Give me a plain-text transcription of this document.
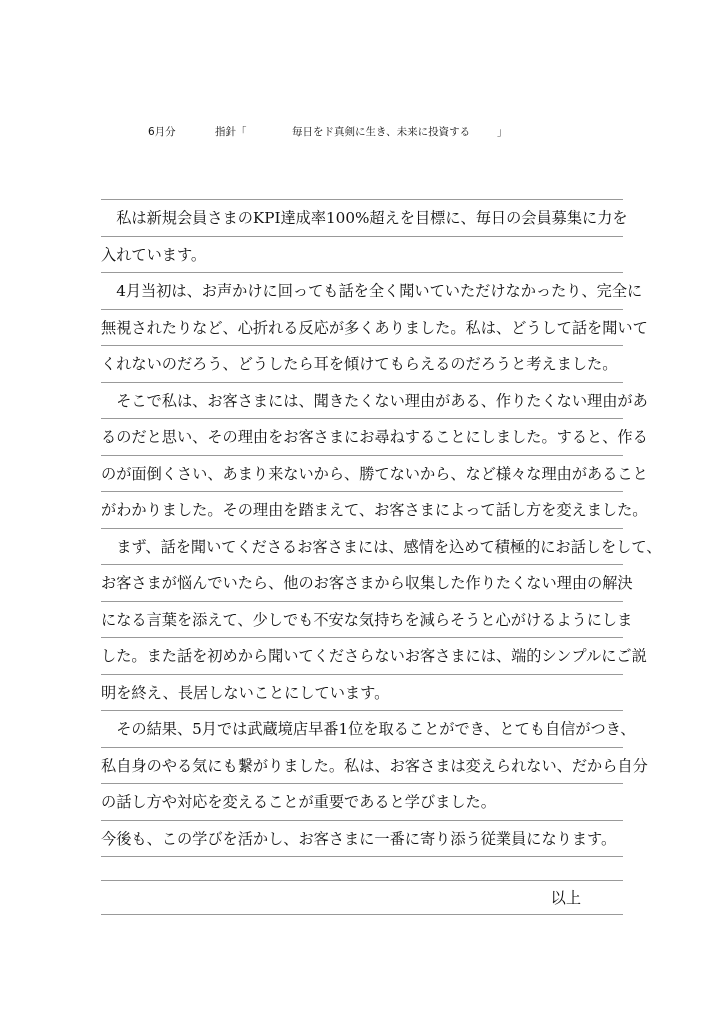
6月分	指針「	毎日をド真剣に生き、未来に投資する	」
　私は新規会員さまのKPI達成率100%超えを目標に、毎日の会員募集に力を
入れています。
　4月当初は、お声かけに回っても話を全く聞いていただけなかったり、完全に
無視されたりなど、心折れる反応が多くありました。私は、どうして話を聞いて
くれないのだろう、どうしたら耳を傾けてもらえるのだろうと考えました。
　そこで私は、お客さまには、聞きたくない理由がある、作りたくない理由があ
るのだと思い、その理由をお客さまにお尋ねすることにしました。すると、作る
のが面倒くさい、あまり来ないから、勝てないから、など様々な理由があること
がわかりました。その理由を踏まえて、お客さまによって話し方を変えました。
　まず、話を聞いてくださるお客さまには、感情を込めて積極的にお話しをして、
お客さまが悩んでいたら、他のお客さまから収集した作りたくない理由の解決
になる言葉を添えて、少しでも不安な気持ちを減らそうと心がけるようにしま
した。また話を初めから聞いてくださらないお客さまには、端的シンプルにご説
明を終え、長居しないことにしています。
　その結果、5月では武蔵境店早番1位を取ることができ、とても自信がつき、
私自身のやる気にも繋がりました。私は、お客さまは変えられない、だから自分
の話し方や対応を変えることが重要であると学びました。
今後も、この学びを活かし、お客さまに一番に寄り添う従業員になります。
以上
